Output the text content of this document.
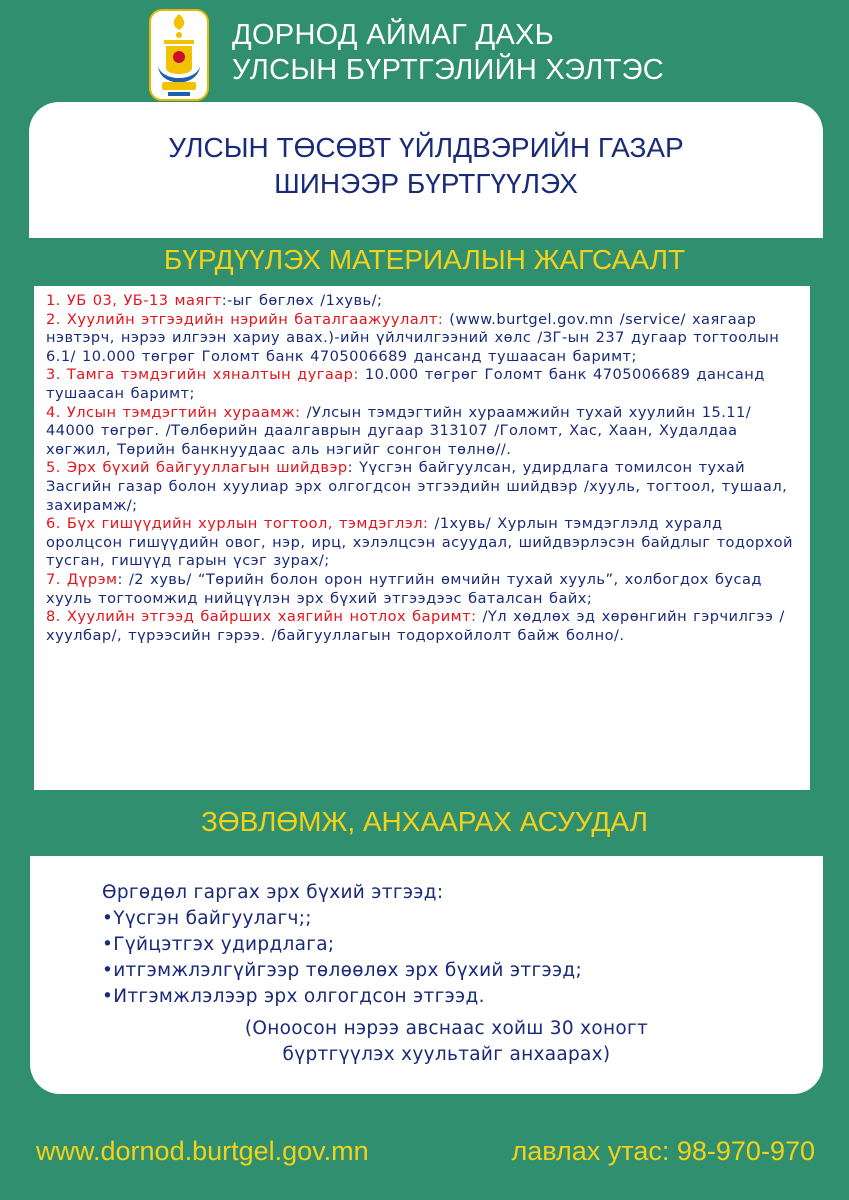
ДОРНОД АЙМАГ ДАХЬ
УЛСЫН БҮРТГЭЛИЙН ХЭЛТЭС
УЛСЫН ТӨСӨВТ ҮЙЛДВЭРИЙН ГАЗАР
ШИНЭЭР БҮРТГҮҮЛЭХ
БҮРДҮҮЛЭХ МАТЕРИАЛЫН ЖАГСААЛТ

1. УБ 03, УБ-13 маягт:-ыг бөглөх /1хувь/;

2. Хуулийн этгээдийн нэрийн баталгаажуулалт: (www.burtgel.gov.mn /service/ хаягаар нэвтэрч, нэрээ илгээн хариу авах.)-ийн үйлчилгээний хөлс /ЗГ-ын 237 дугаар тогтоолын 6.1/ 10.000 төгрөг Голомт банк 4705006689 дансанд тушаасан баримт;

3. Тамга тэмдэгийн хяналтын дугаар: 10.000 төгрөг Голомт банк 4705006689 дансанд тушаасан баримт;

4. Улсын тэмдэгтийн хураамж: /Улсын тэмдэгтийн хураамжийн тухай хуулийн 15.11/ 44000 төгрөг. /Төлбөрийн даалгаврын дугаар 313107 /Голомт, Хас, Хаан, Худалдаа хөгжил, Төрийн банкнуудаас аль нэгийг сонгон төлнө//.

5. Эрх бүхий байгууллагын шийдвэр: Үүсгэн байгуулсан, удирдлага томилсон тухай Засгийн газар болон хуулиар эрх олгогдсон этгээдийн шийдвэр /хууль, тогтоол, тушаал, захирамж/;

6. Бүх гишүүдийн хурлын тогтоол, тэмдэглэл: /1хувь/ Хурлын тэмдэглэлд хуралд оролцсон гишүүдийн овог, нэр, ирц, хэлэлцсэн асуудал, шийдвэрлэсэн байдлыг тодорхой тусган, гишүүд гарын үсэг зурах/;

7. Дүрэм: /2 хувь/ “Төрийн болон орон нутгийн өмчийн тухай хууль”, холбогдох бусад хууль тогтоомжид нийцүүлэн эрх бүхий этгээдээс баталсан байх;

8. Хуулийн этгээд байрших хаягийн нотлох баримт: /Үл хөдлөх эд хөрөнгийн гэрчилгээ /хуулбар/, түрээсийн гэрээ. /байгууллагын тодорхойлолт байж болно/.

ЗӨВЛӨМЖ, АНХААРАХ АСУУДАЛ
Өргөдөл гаргах эрх бүхий этгээд:
•Үүсгэн байгуулагч;;
•Гүйцэтгэх удирдлага;
•итгэмжлэлгүйгээр төлөөлөх эрх бүхий этгээд;
•Итгэмжлэлээр эрх олгогдсон этгээд.
(Оноосон нэрээ авснаас хойш 30 хоногт
бүртгүүлэх хуультайг анхаарах)
www.dornod.burtgel.gov.mn	лавлах утас: 98-970-970
